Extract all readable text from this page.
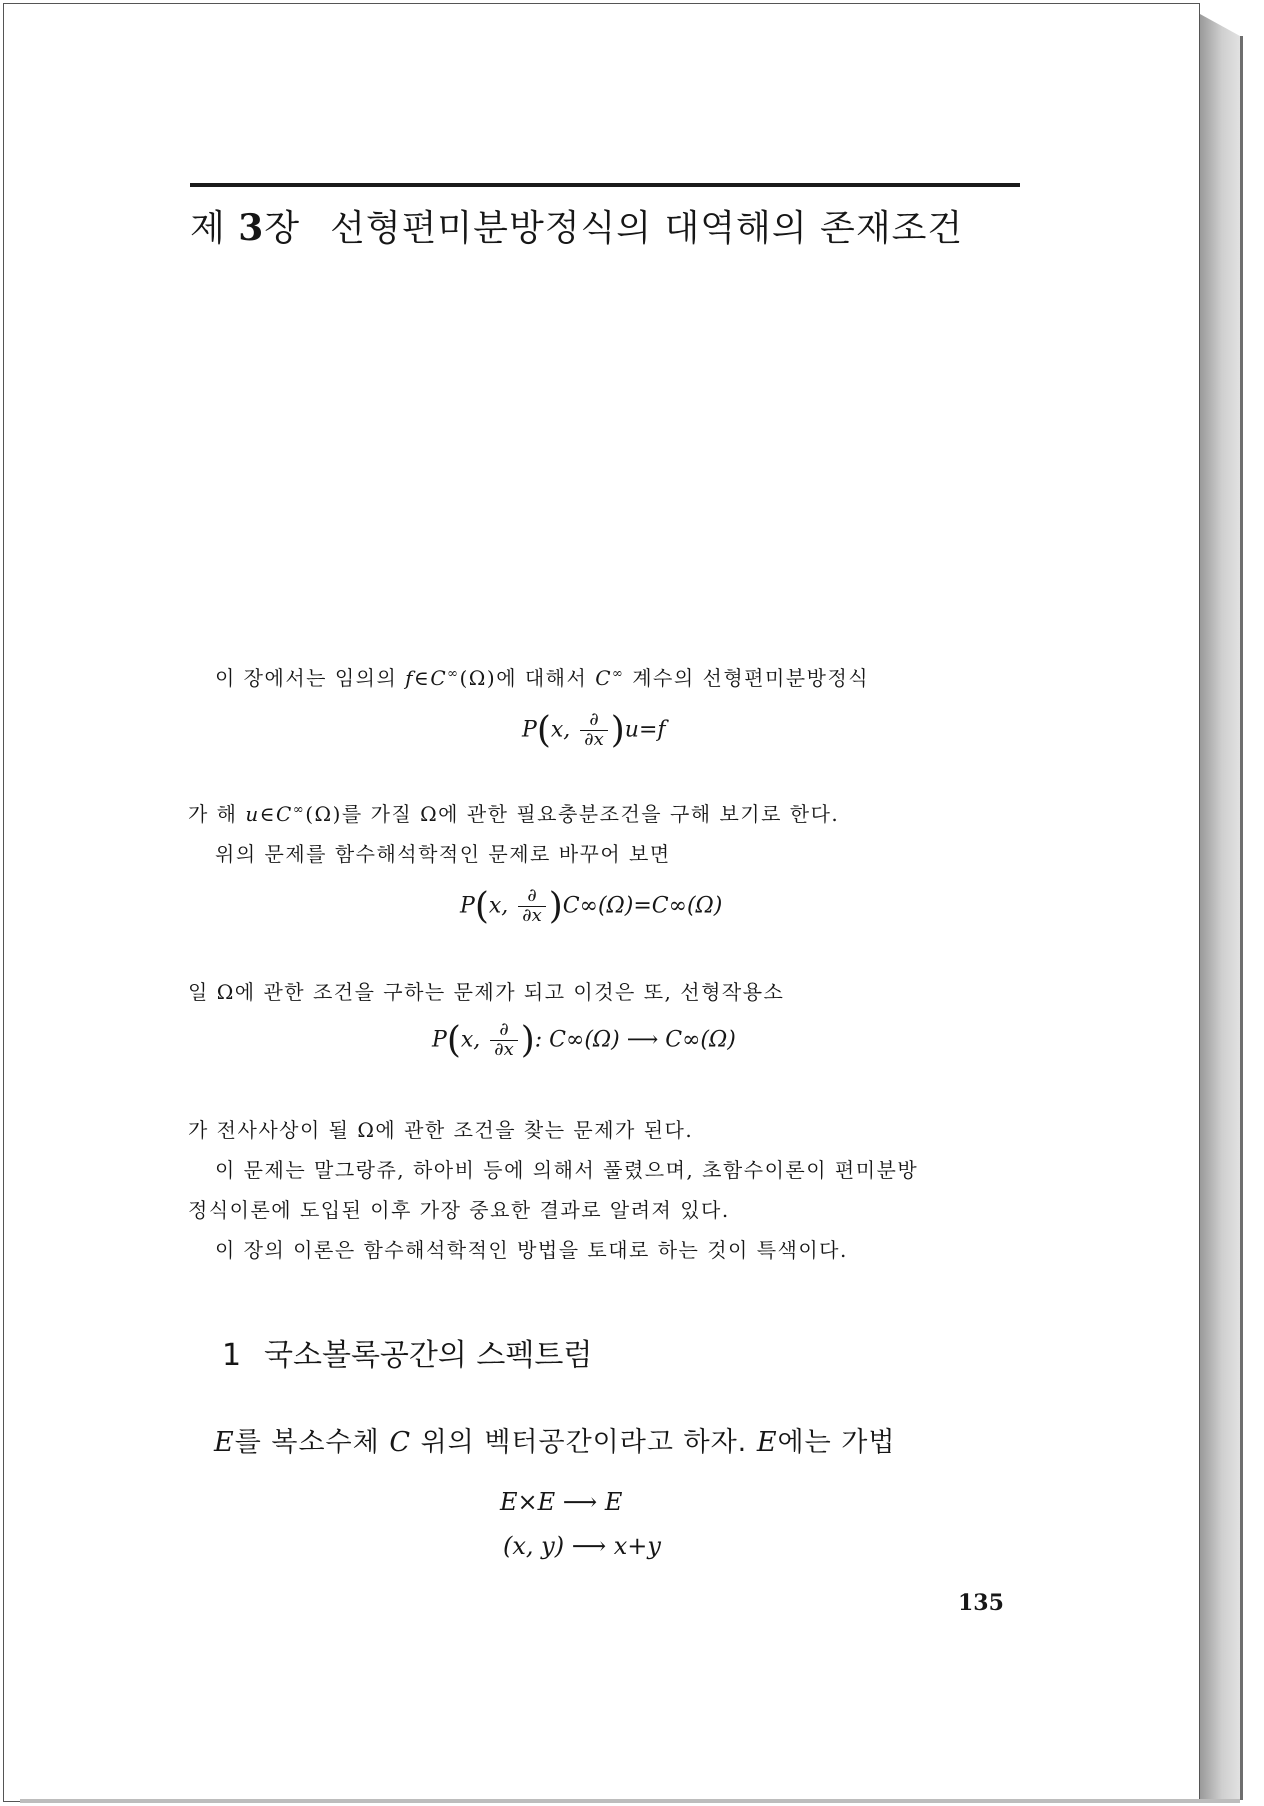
제 3장 선형편미분방정식의 대역해의 존재조건
이 장에서는 임의의 f∈C∞(Ω)에 대해서 C∞ 계수의 선형편미분방정식
P(x, $\frac{\partial}{\partial x} )u=f$
가 해 u∈C∞(Ω)를 가질 Ω에 관한 필요충분조건을 구해 보기로 한다.
위의 문제를 함수해석학적인 문제로 바꾸어 보면
P(x, $\frac{\partial}{\partial x} )C\infty(\Omega)=C\infty(\Omega)$
일 Ω에 관한 조건을 구하는 문제가 되고 이것은 또, 선형작용소
P(x, $\frac{\partial}{\partial x}$ ): C∞(Ω) ⟶ C∞(Ω)
가 전사사상이 될 Ω에 관한 조건을 찾는 문제가 된다.
이 문제는 말그랑쥬, 하아비 등에 의해서 풀렸으며, 초함수이론이 편미분방
정식이론에 도입된 이후 가장 중요한 결과로 알려져 있다.
이 장의 이론은 함수해석학적인 방법을 토대로 하는 것이 특색이다.
1 국소볼록공간의 스펙트럼
E를 복소수체 C 위의 벡터공간이라고 하자. E에는 가법
E×E ⟶ E
(x, y) ⟶ x+y
135
